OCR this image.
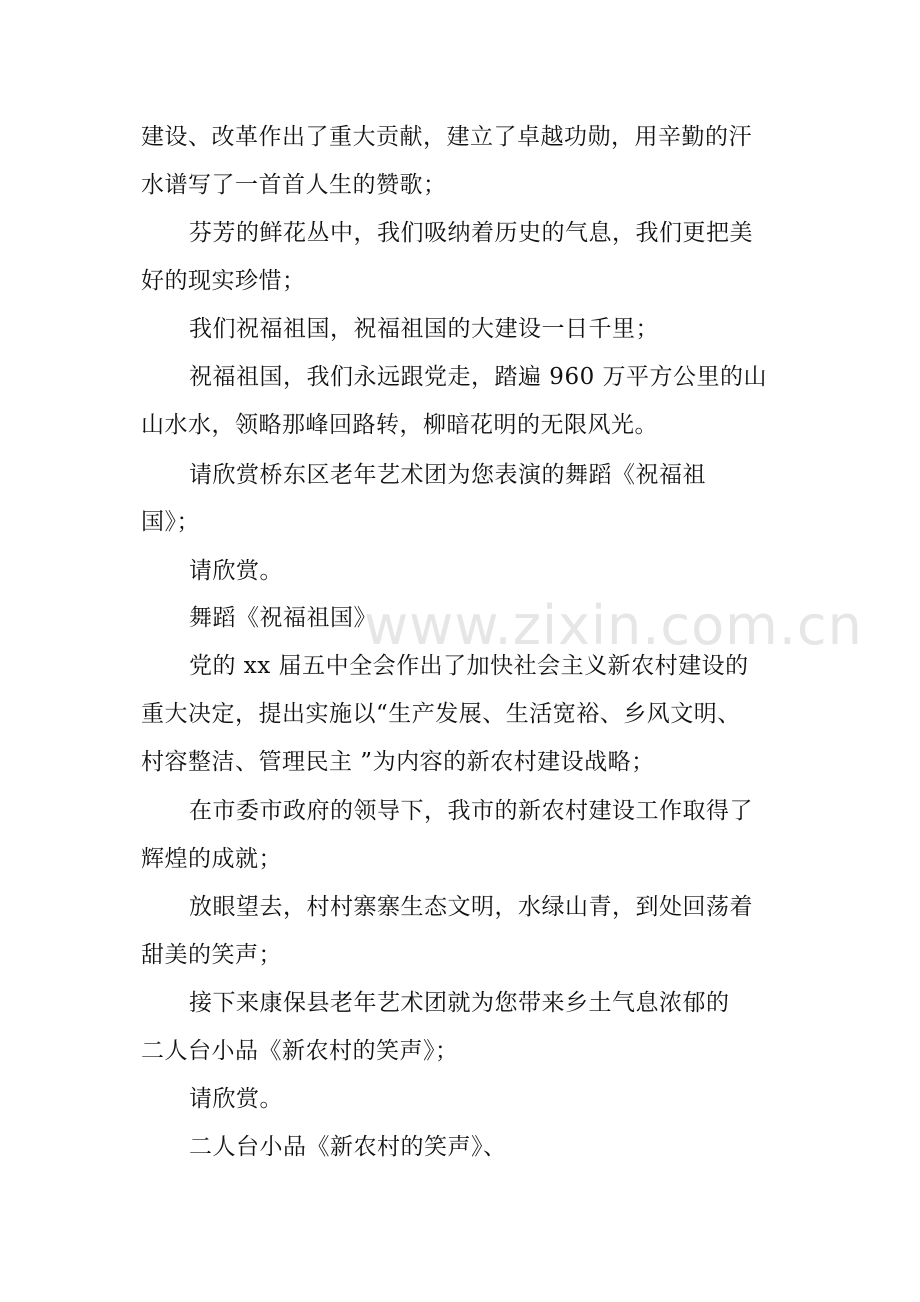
www.zixin.com.cn
建设、改革作出了重大贡献，建立了卓越功勋，用辛勤的汗
水谱写了一首首人生的赞歌；
芬芳的鲜花丛中，我们吸纳着历史的气息，我们更把美
好的现实珍惜；
我们祝福祖国，祝福祖国的大建设一日千里；
祝福祖国，我们永远跟党走，踏遍 960 万平方公里的山
山水水，领略那峰回路转，柳暗花明的无限风光。
请欣赏桥东区老年艺术团为您表演的舞蹈《祝福祖
国》；
请欣赏。
舞蹈《祝福祖国》
党的 xx 届五中全会作出了加快社会主义新农村建设的
重大决定，提出实施以“生产发展、生活宽裕、乡风文明、
村容整洁、管理民主 ”为内容的新农村建设战略；
在市委市政府的领导下，我市的新农村建设工作取得了
辉煌的成就；
放眼望去，村村寨寨生态文明，水绿山青，到处回荡着
甜美的笑声；
接下来康保县老年艺术团就为您带来乡土气息浓郁的
二人台小品《新农村的笑声》；
请欣赏。
二人台小品《新农村的笑声》、
